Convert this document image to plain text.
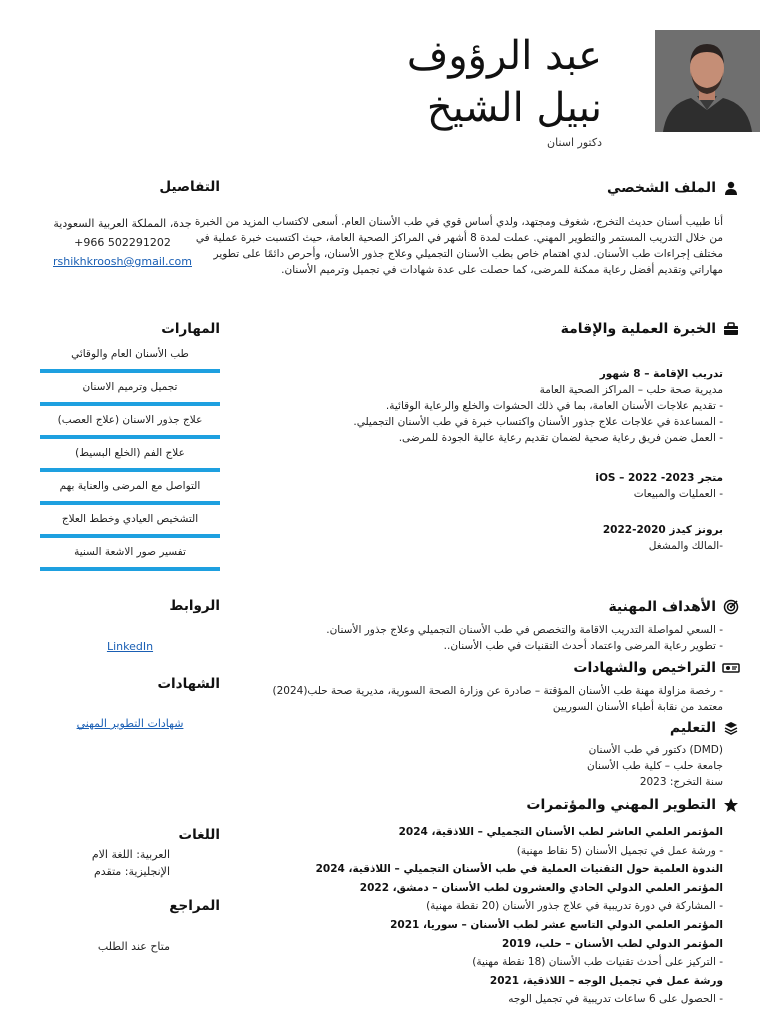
عبد الرؤوف
نبيل الشيخ
دكتور اسنان
الملف الشخصي
أنا طبيب أسنان حديث التخرج، شغوف ومجتهد، ولدي أساس قوي في طب الأسنان العام. أسعى لاكتساب المزيد من الخبرة من خلال التدريب المستمر والتطوير المهني. عملت لمدة 8 أشهر في المراكز الصحية العامة، حيث اكتسبت خبرة عملية في مختلف إجراءات طب الأسنان. لدي اهتمام خاص بطب الأسنان التجميلي وعلاج جذور الأسنان، وأحرص دائمًا على تطوير مهاراتي وتقديم أفضل رعاية ممكنة للمرضى، كما حصلت على عدة شهادات في تجميل وترميم الأسنان.
الخبرة العملية والإقامة
تدريب الإقامة – 8 شهور
مديرية صحة حلب – المراكز الصحية العامة
- تقديم علاجات الأسنان العامة، بما في ذلك الحشوات والخلع والرعاية الوقائية.
- المساعدة في علاجات علاج جذور الأسنان واكتساب خبرة في طب الأسنان التجميلي.
- العمل ضمن فريق رعاية صحية لضمان تقديم رعاية عالية الجودة للمرضى.
متجر iOS – 2022 -2023
- العمليات والمبيعات
برونز كيدز 2020-2022
-المالك والمشغل
الأهداف المهنية
- السعي لمواصلة التدريب الاقامة والتخصص في طب الأسنان التجميلي وعلاج جذور الأسنان.
- تطوير رعاية المرضى واعتماد أحدث التقنيات في طب الأسنان..
التراخيص والشهادات
- رخصة مزاولة مهنة طب الأسنان المؤقتة – صادرة عن وزارة الصحة السورية، مديرية صحة حلب(2024)
معتمد من نقابة أطباء الأسنان السوريين
التعليم
(DMD) دكتور في طب الأسنان
جامعة حلب – كلية طب الأسنان
سنة التخرج: 2023
التطوير المهني والمؤتمرات
المؤتمر العلمي العاشر لطب الأسنان التجميلي – اللاذقية، 2024
- ورشة عمل في تجميل الأسنان (5 نقاط مهنية)
الندوة العلمية حول التقنيات العملية في طب الأسنان التجميلي – اللاذقية، 2024
المؤتمر العلمي الدولي الحادي والعشرون لطب الأسنان – دمشق، 2022
- المشاركة في دورة تدريبية في علاج جذور الأسنان (20 نقطة مهنية)
المؤتمر العلمي الدولي التاسع عشر لطب الأسنان – سوريا، 2021
المؤتمر الدولي لطب الأسنان – حلب، 2019
- التركيز على أحدث تقنيات طب الأسنان (18 نقطة مهنية)
ورشة عمل في تجميل الوجه – اللاذقية، 2021
- الحصول على 6 ساعات تدريبية في تجميل الوجه
التفاصيل
جدة، المملكة العربية السعودية
+966 502291202
rshikhkroosh@gmail.com
المهارات
طب الأسنان العام والوقائي
تجميل وترميم الاسنان
علاج جذور الاسنان (علاج العصب)
علاج الفم (الخلع البسيط)
التواصل مع المرضى والعناية بهم
التشخيص العيادي وخطط العلاج
تفسير صور الاشعة السنية
الروابط
LinkedIn
الشهادات
شهادات التطوير المهني
اللغات
العربية: اللغة الام
الإنجليزية: متقدم
المراجع
متاح عند الطلب
